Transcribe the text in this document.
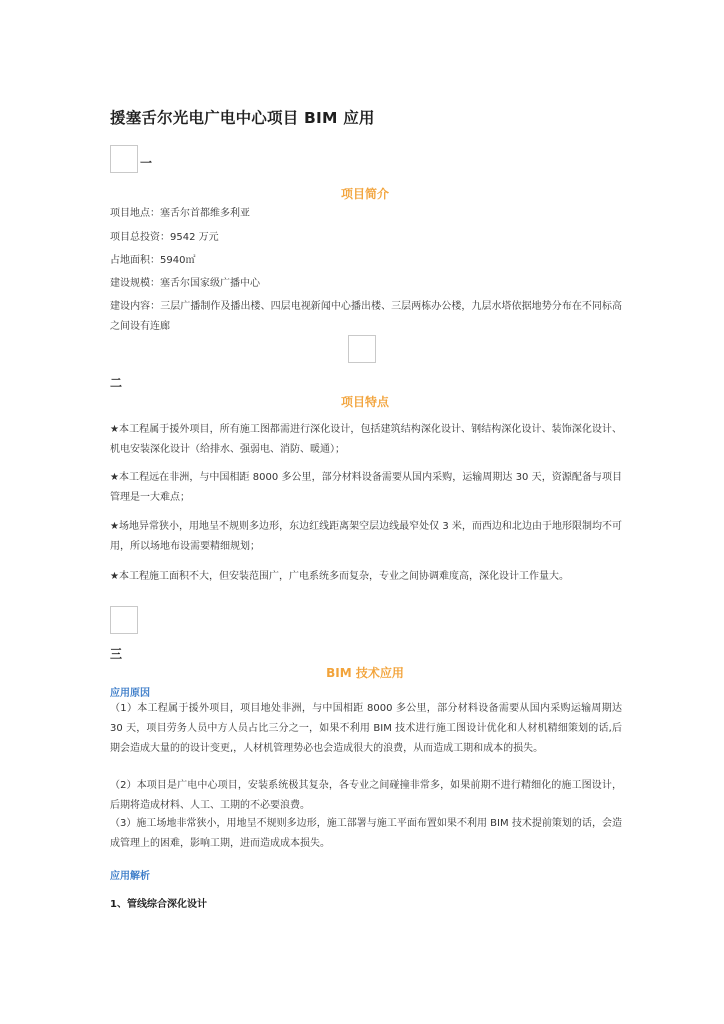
援塞舌尔光电广电中心项目 BIM 应用
一
项目简介
项目地点：塞舌尔首都维多利亚
项目总投资：9542 万元
占地面积：5940㎡
建设规模：塞舌尔国家级广播中心
建设内容：三层广播制作及播出楼、四层电视新闻中心播出楼、三层两栋办公楼，九层水塔依据地势分布在不同标高之间设有连廊
二
项目特点
★本工程属于援外项目，所有施工图都需进行深化设计，包括建筑结构深化设计、钢结构深化设计、装饰深化设计、机电安装深化设计（给排水、强弱电、消防、暖通）；
★本工程远在非洲，与中国相距 8000 多公里，部分材料设备需要从国内采购，运输周期达 30 天，资源配备与项目管理是一大难点；
★场地异常狭小，用地呈不规则多边形，东边红线距离架空层边线最窄处仅 3 米，而西边和北边由于地形限制均不可用，所以场地布设需要精细规划；
★本工程施工面积不大，但安装范围广，广电系统多而复杂，专业之间协调难度高，深化设计工作量大。
三
BIM 技术应用
应用原因
（1）本工程属于援外项目，项目地处非洲，与中国相距 8000 多公里，部分材料设备需要从国内采购运输周期达 30 天，项目劳务人员中方人员占比三分之一，如果不利用 BIM 技术进行施工图设计优化和人材机精细策划的话,后期会造成大量的的设计变更,，人材机管理势必也会造成很大的浪费，从而造成工期和成本的损失。
（2）本项目是广电中心项目，安装系统极其复杂，各专业之间碰撞非常多，如果前期不进行精细化的施工图设计，后期将造成材料、人工、工期的不必要浪费。
（3）施工场地非常狭小，用地呈不规则多边形，施工部署与施工平面布置如果不利用 BIM 技术提前策划的话，会造成管理上的困难，影响工期，进而造成成本损失。
应用解析
1、管线综合深化设计
